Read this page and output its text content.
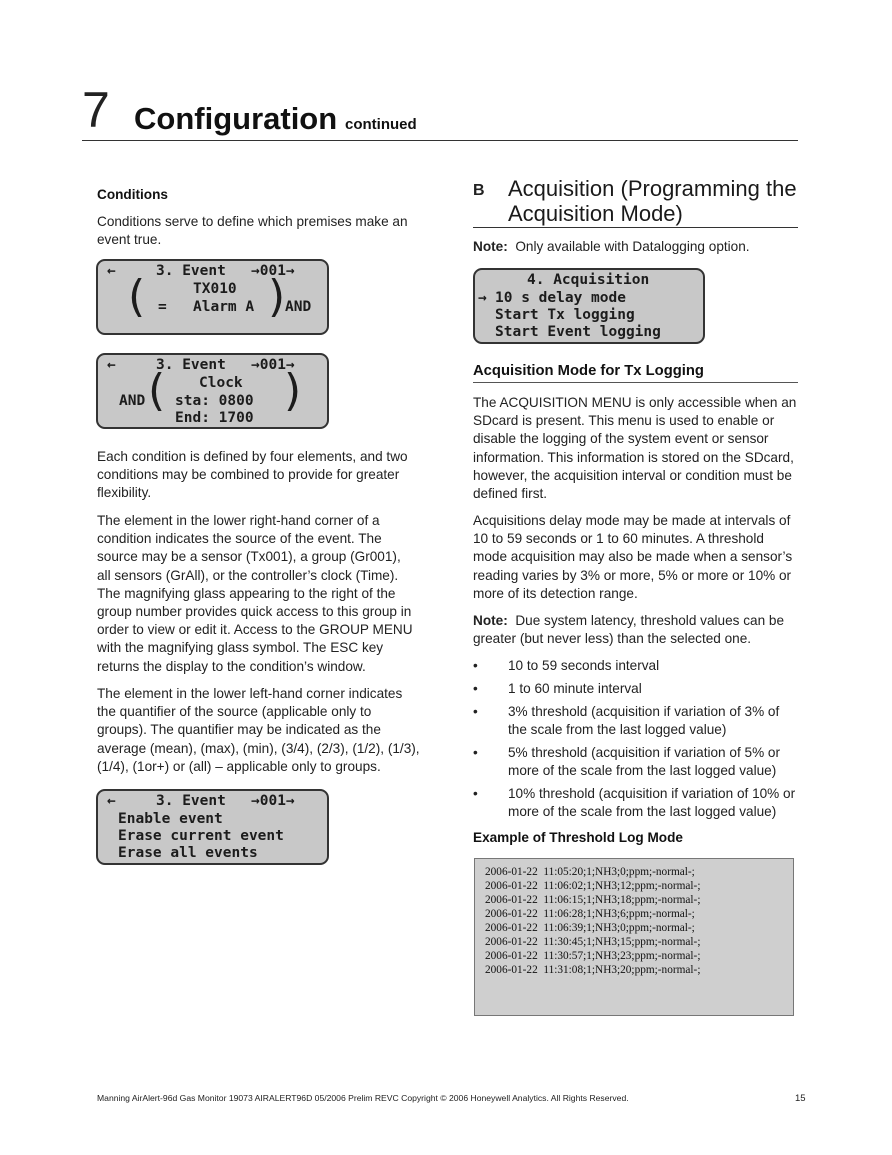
7 Configuration continued
Conditions
Conditions serve to define which premises make an event true.
←	3. Event →001→
TX010
( = Alarm A ) AND
←	3. Event →001→
AND ( Clock
sta: 0800
End: 1700
)
Each condition is defined by four elements, and two conditions may be combined to provide for greater flexibility.
The element in the lower right-hand corner of a condition indicates the source of the event. The source may be a sensor (Tx001), a group (Gr001), all sensors (GrAll), or the controller’s clock (Time). The magnifying glass appearing to the right of the group number provides quick access to this group in order to view or edit it. Access to the GROUP MENU with the magnifying glass symbol. The ESC key returns the display to the condition’s window.
The element in the lower left-hand corner indicates the quantifier of the source (applicable only to groups). The quantifier may be indicated as the average (mean), (max), (min), (3/4), (2/3), (1/2), (1/3), (1/4), (1or+) or (all) – applicable only to groups.
←	3. Event →001→
Enable event
Erase current event
Erase all events
B Acquisition (Programming the Acquisition Mode)
Note: Only available with Datalogging option.
4. Acquisition
→ 10 s delay mode
Start Tx logging
Start Event logging
Acquisition Mode for Tx Logging
The ACQUISITION MENU is only accessible when an SDcard is present. This menu is used to enable or disable the logging of the system event or sensor information. This information is stored on the SDcard, however, the acquisition interval or condition must be defined first.
Acquisitions delay mode may be made at intervals of 10 to 59 seconds or 1 to 60 minutes. A threshold mode acquisition may also be made when a sensor’s reading varies by 3% or more, 5% or more or 10% or more of its detection range.
Note: Due system latency, threshold values can be greater (but never less) than the selected one.
• 10 to 59 seconds interval
• 1 to 60 minute interval
• 3% threshold (acquisition if variation of 3% of the scale from the last logged value)
• 5% threshold (acquisition if variation of 5% or more of the scale from the last logged value)
• 10% threshold (acquisition if variation of 10% or more of the scale from the last logged value)
Example of Threshold Log Mode
2006-01-22  11:05:20;1;NH3;0;ppm;-normal-;
2006-01-22  11:06:02;1;NH3;12;ppm;-normal-;
2006-01-22  11:06:15;1;NH3;18;ppm;-normal-;
2006-01-22  11:06:28;1;NH3;6;ppm;-normal-;
2006-01-22  11:06:39;1;NH3;0;ppm;-normal-;
2006-01-22  11:30:45;1;NH3;15;ppm;-normal-;
2006-01-22  11:30:57;1;NH3;23;ppm;-normal-;
2006-01-22  11:31:08;1;NH3;20;ppm;-normal-;
Manning AirAlert-96d Gas Monitor 19073 AIRALERT96D 05/2006 Prelim REVC Copyright © 2006 Honeywell Analytics. All Rights Reserved.	15
